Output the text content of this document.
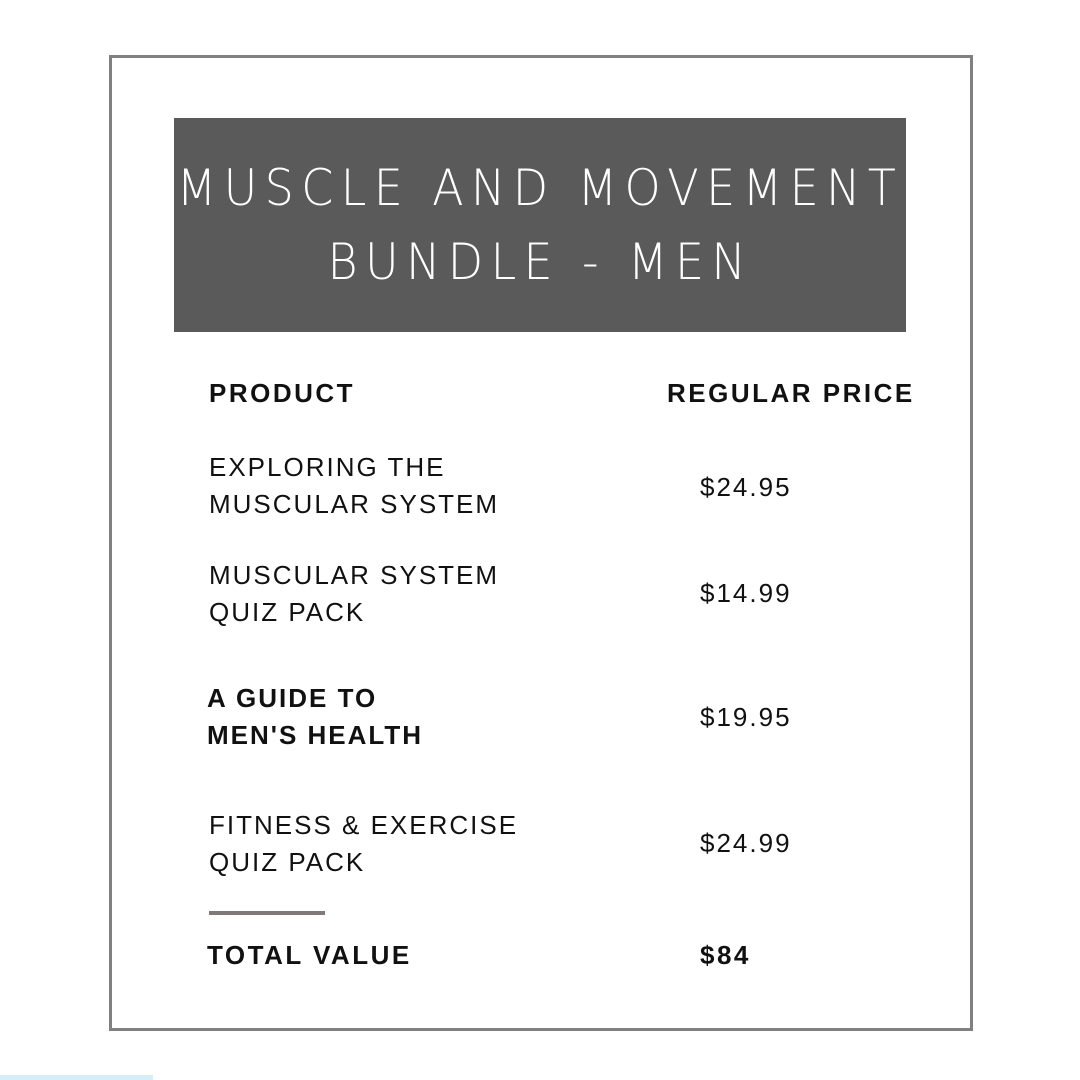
MUSCLE AND MOVEMENT
BUNDLE - MEN
PRODUCT	REGULAR PRICE
EXPLORING THE
MUSCULAR SYSTEM
$24.95
MUSCULAR SYSTEM
QUIZ PACK
$14.99
A GUIDE TO
MEN'S HEALTH
$19.95
FITNESS & EXERCISE
QUIZ PACK
$24.99
TOTAL VALUE	$84
